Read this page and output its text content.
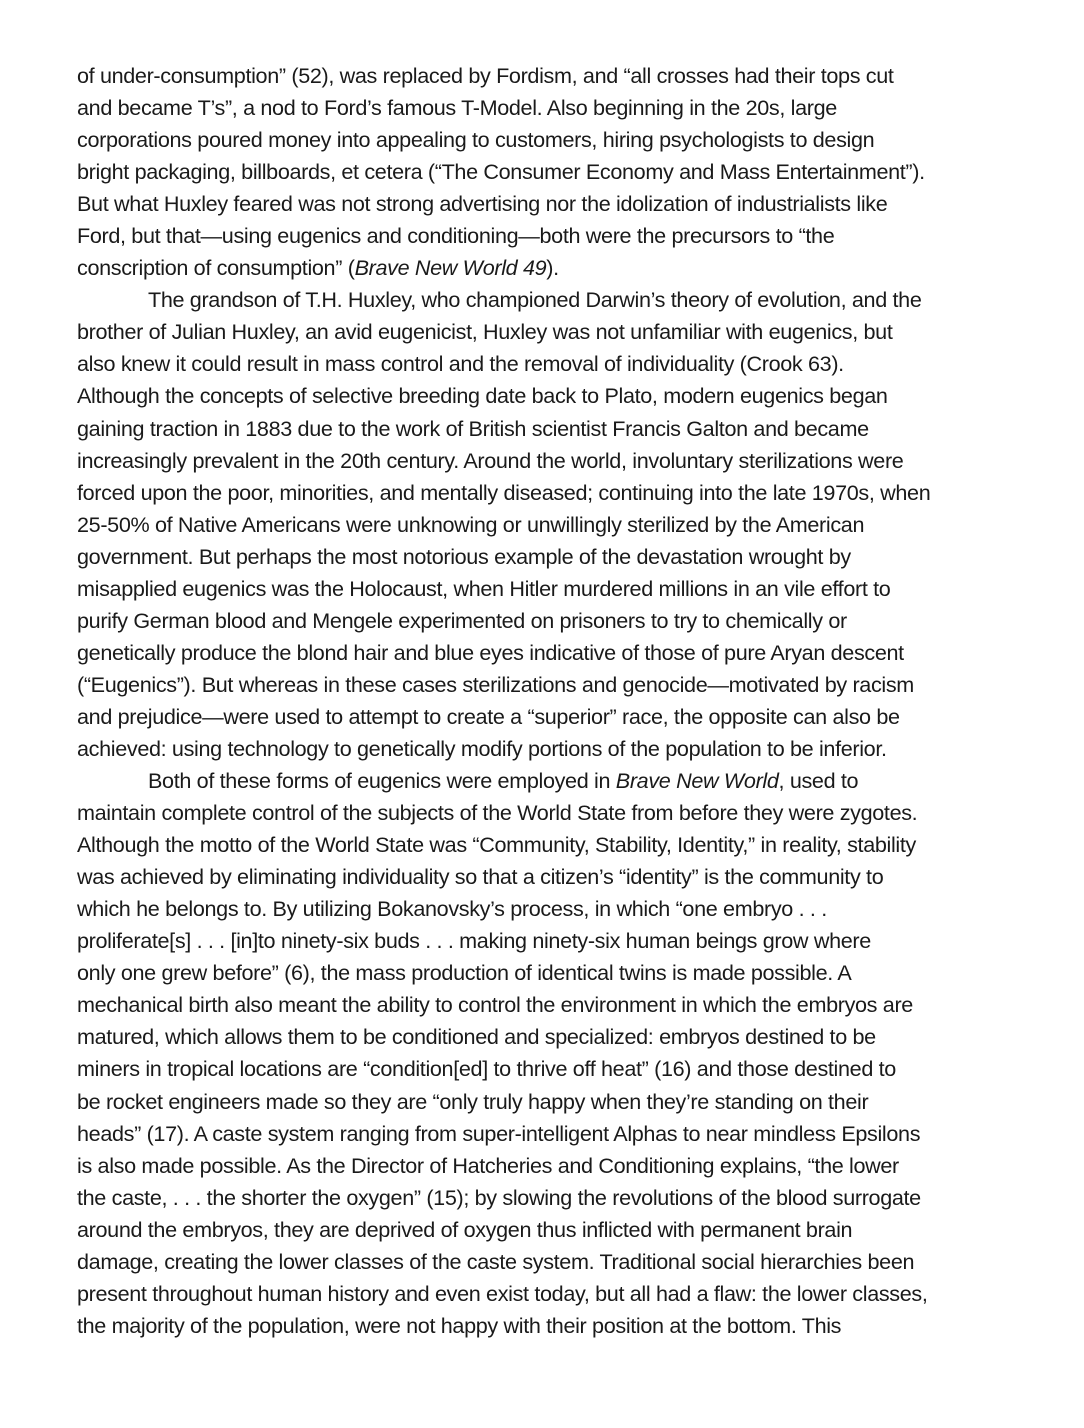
of under-consumption” (52), was replaced by Fordism, and “all crosses had their tops cut
and became T’s”, a nod to Ford’s famous T-Model. Also beginning in the 20s, large
corporations poured money into appealing to customers, hiring psychologists to design
bright packaging, billboards, et cetera (“The Consumer Economy and Mass Entertainment”).
But what Huxley feared was not strong advertising nor the idolization of industrialists like
Ford, but that—using eugenics and conditioning—both were the precursors to “the
conscription of consumption” (Brave New World 49).
The grandson of T.H. Huxley, who championed Darwin’s theory of evolution, and the
brother of Julian Huxley, an avid eugenicist, Huxley was not unfamiliar with eugenics, but
also knew it could result in mass control and the removal of individuality (Crook 63).
Although the concepts of selective breeding date back to Plato, modern eugenics began
gaining traction in 1883 due to the work of British scientist Francis Galton and became
increasingly prevalent in the 20th century. Around the world, involuntary sterilizations were
forced upon the poor, minorities, and mentally diseased; continuing into the late 1970s, when
25-50% of Native Americans were unknowing or unwillingly sterilized by the American
government. But perhaps the most notorious example of the devastation wrought by
misapplied eugenics was the Holocaust, when Hitler murdered millions in an vile effort to
purify German blood and Mengele experimented on prisoners to try to chemically or
genetically produce the blond hair and blue eyes indicative of those of pure Aryan descent
(“Eugenics”). But whereas in these cases sterilizations and genocide—motivated by racism
and prejudice—were used to attempt to create a “superior” race, the opposite can also be
achieved: using technology to genetically modify portions of the population to be inferior.
Both of these forms of eugenics were employed in Brave New World, used to
maintain complete control of the subjects of the World State from before they were zygotes.
Although the motto of the World State was “Community, Stability, Identity,” in reality, stability
was achieved by eliminating individuality so that a citizen’s “identity” is the community to
which he belongs to. By utilizing Bokanovsky’s process, in which “one embryo . . .
proliferate[s] . . . [in]to ninety-six buds . . . making ninety-six human beings grow where
only one grew before” (6), the mass production of identical twins is made possible. A
mechanical birth also meant the ability to control the environment in which the embryos are
matured, which allows them to be conditioned and specialized: embryos destined to be
miners in tropical locations are “condition[ed] to thrive off heat” (16) and those destined to
be rocket engineers made so they are “only truly happy when they’re standing on their
heads” (17). A caste system ranging from super-intelligent Alphas to near mindless Epsilons
is also made possible. As the Director of Hatcheries and Conditioning explains, “the lower
the caste, . . . the shorter the oxygen” (15); by slowing the revolutions of the blood surrogate
around the embryos, they are deprived of oxygen thus inflicted with permanent brain
damage, creating the lower classes of the caste system. Traditional social hierarchies been
present throughout human history and even exist today, but all had a flaw: the lower classes,
the majority of the population, were not happy with their position at the bottom. This
